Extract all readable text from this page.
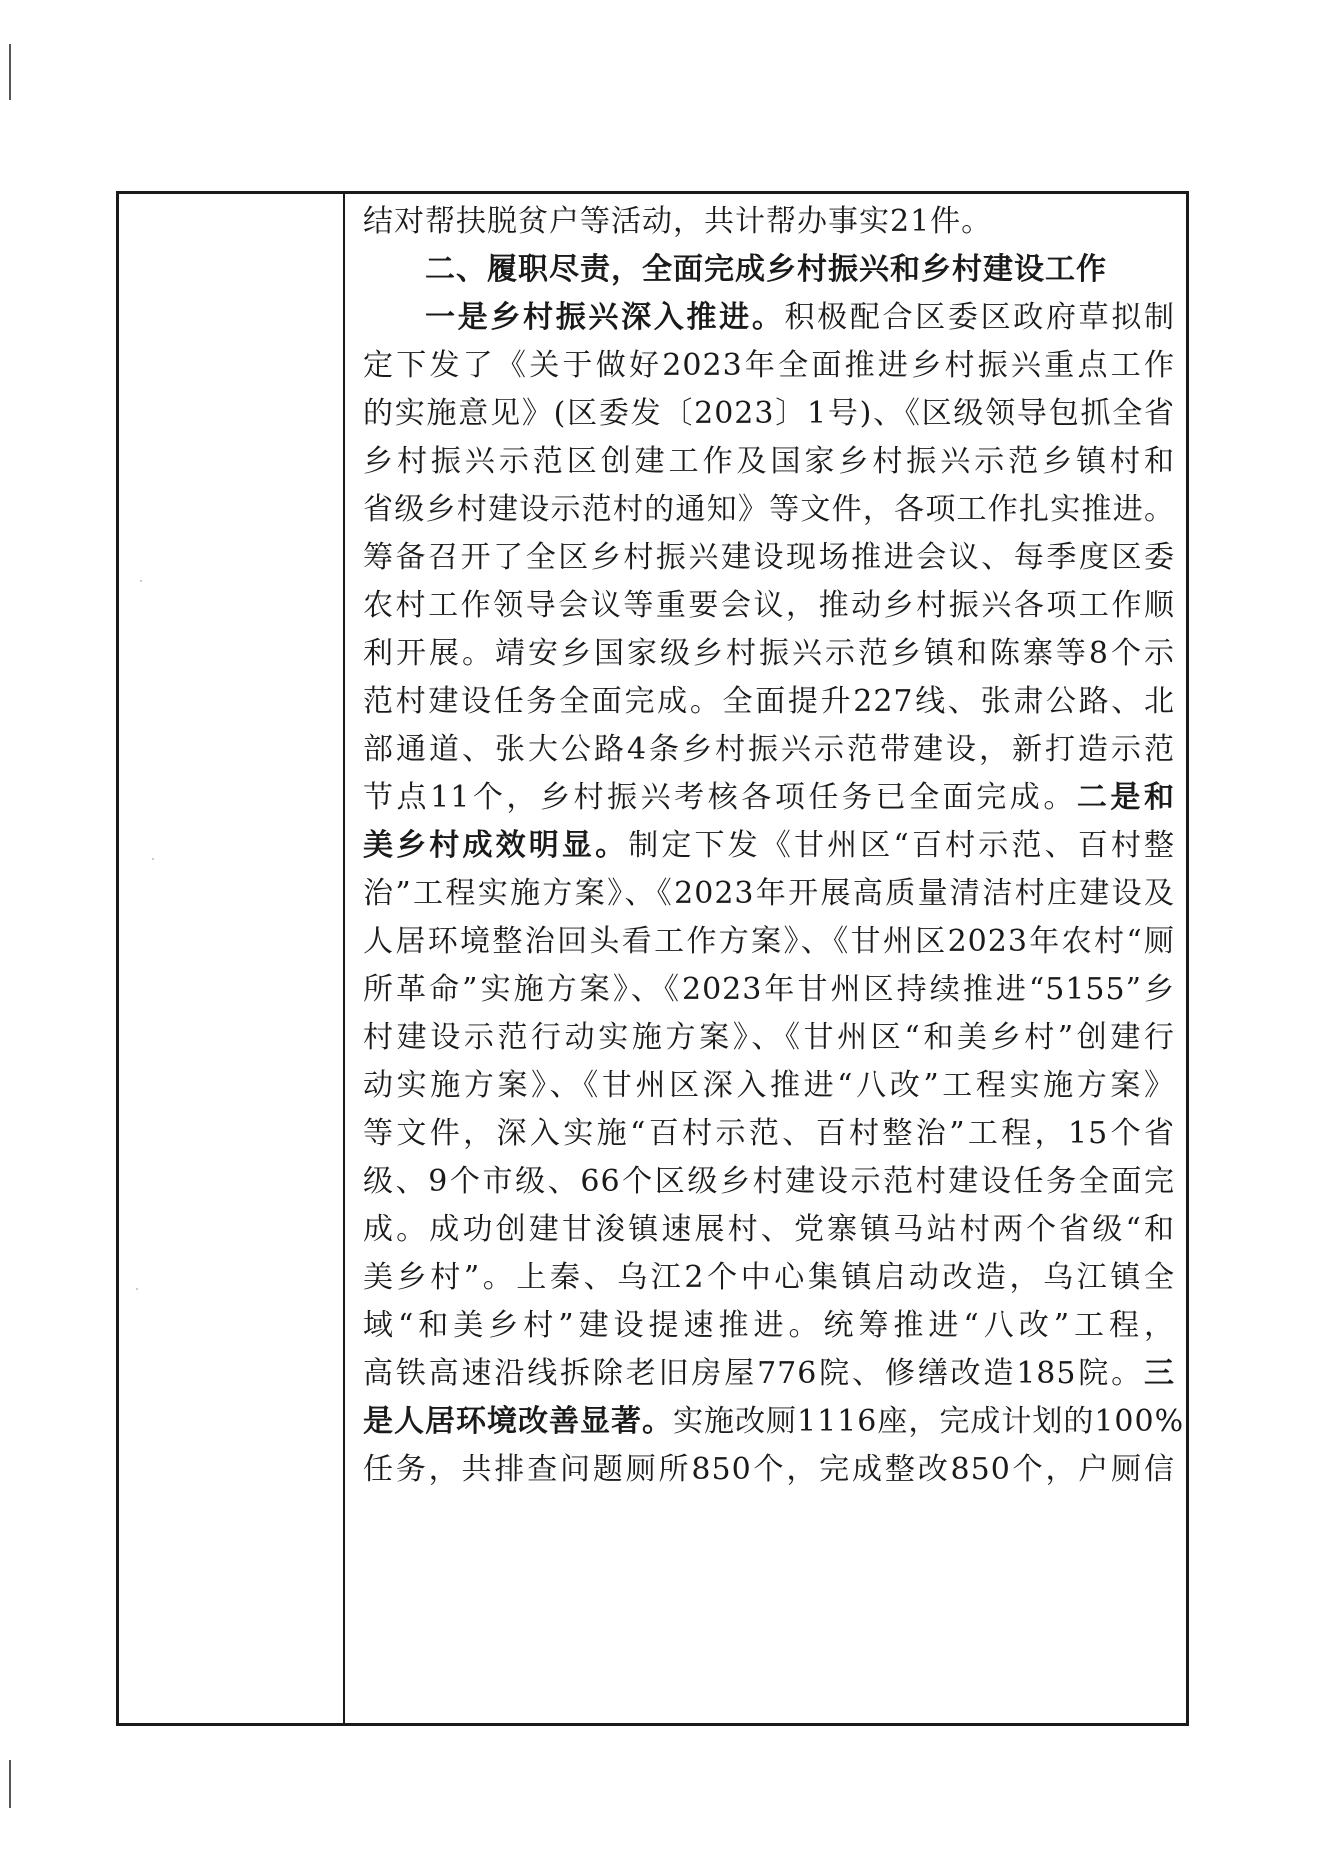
结对帮扶脱贫户等活动，共计帮办事实21件。
二、履职尽责，全面完成乡村振兴和乡村建设工作
一是乡村振兴深入推进。积极配合区委区政府草拟制
定下发了《关于做好2023年全面推进乡村振兴重点工作
的实施意见》(区委发〔2023〕1号)、《区级领导包抓全省
乡村振兴示范区创建工作及国家乡村振兴示范乡镇村和
省级乡村建设示范村的通知》等文件，各项工作扎实推进。
筹备召开了全区乡村振兴建设现场推进会议、每季度区委
农村工作领导会议等重要会议，推动乡村振兴各项工作顺
利开展。靖安乡国家级乡村振兴示范乡镇和陈寨等8个示
范村建设任务全面完成。全面提升227线、张肃公路、北
部通道、张大公路4条乡村振兴示范带建设，新打造示范
节点11个，乡村振兴考核各项任务已全面完成。二是和
美乡村成效明显。制定下发《甘州区“百村示范、百村整
治”工程实施方案》、《2023年开展高质量清洁村庄建设及
人居环境整治回头看工作方案》、《甘州区2023年农村“厕
所革命”实施方案》、《2023年甘州区持续推进“5155”乡
村建设示范行动实施方案》、《甘州区“和美乡村”创建行
动实施方案》、《甘州区深入推进“八改”工程实施方案》
等文件，深入实施“百村示范、百村整治”工程，15个省
级、9个市级、66个区级乡村建设示范村建设任务全面完
成。成功创建甘浚镇速展村、党寨镇马站村两个省级“和
美乡村”。上秦、乌江2个中心集镇启动改造，乌江镇全
域“和美乡村”建设提速推进。统筹推进“八改”工程，
高铁高速沿线拆除老旧房屋776院、修缮改造185院。三
是人居环境改善显著。实施改厕1116座，完成计划的100%
任务，共排查问题厕所850个，完成整改850个，户厕信
